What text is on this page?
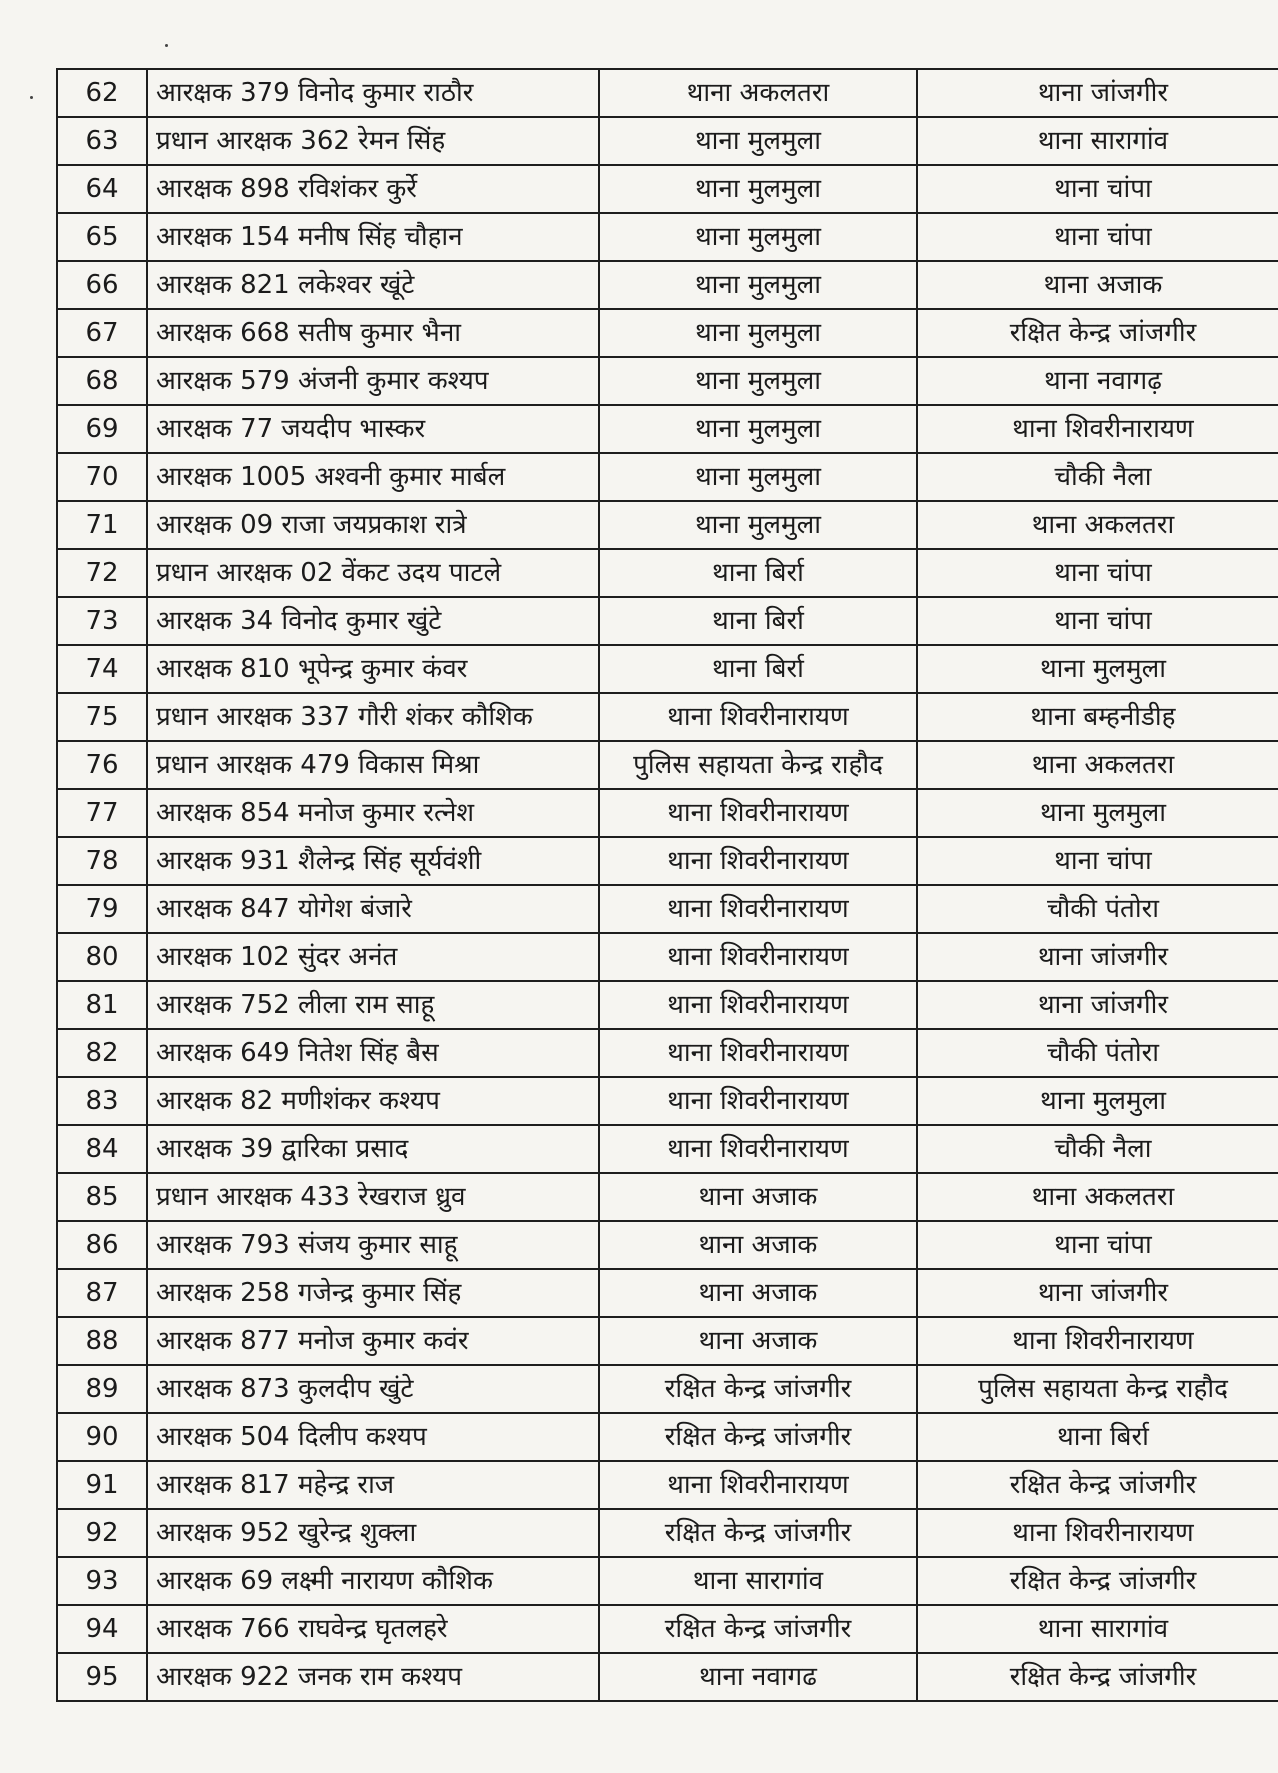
62	आरक्षक 379 विनोद कुमार राठौर	थाना अकलतरा	थाना जांजगीर
63	प्रधान आरक्षक 362 रेमन सिंह	थाना मुलमुला	थाना सारागांव
64	आरक्षक 898 रविशंकर कुर्रे	थाना मुलमुला	थाना चांपा
65	आरक्षक 154 मनीष सिंह चौहान	थाना मुलमुला	थाना चांपा
66	आरक्षक 821 लकेश्वर खूंटे	थाना मुलमुला	थाना अजाक
67	आरक्षक 668 सतीष कुमार भैना	थाना मुलमुला	रक्षित केन्द्र जांजगीर
68	आरक्षक 579 अंजनी कुमार कश्यप	थाना मुलमुला	थाना नवागढ़
69	आरक्षक 77 जयदीप भास्कर	थाना मुलमुला	थाना शिवरीनारायण
70	आरक्षक 1005 अश्वनी कुमार मार्बल	थाना मुलमुला	चौकी नैला
71	आरक्षक 09 राजा जयप्रकाश रात्रे	थाना मुलमुला	थाना अकलतरा
72	प्रधान आरक्षक 02 वेंकट उदय पाटले	थाना बिर्रा	थाना चांपा
73	आरक्षक 34 विनोद कुमार खुंटे	थाना बिर्रा	थाना चांपा
74	आरक्षक 810 भूपेन्द्र कुमार कंवर	थाना बिर्रा	थाना मुलमुला
75	प्रधान आरक्षक 337 गौरी शंकर कौशिक	थाना शिवरीनारायण	थाना बम्हनीडीह
76	प्रधान आरक्षक 479 विकास मिश्रा	पुलिस सहायता केन्द्र राहौद	थाना अकलतरा
77	आरक्षक 854 मनोज कुमार रत्नेश	थाना शिवरीनारायण	थाना मुलमुला
78	आरक्षक 931 शैलेन्द्र सिंह सूर्यवंशी	थाना शिवरीनारायण	थाना चांपा
79	आरक्षक 847 योगेश बंजारे	थाना शिवरीनारायण	चौकी पंतोरा
80	आरक्षक 102 सुंदर अनंत	थाना शिवरीनारायण	थाना जांजगीर
81	आरक्षक 752 लीला राम साहू	थाना शिवरीनारायण	थाना जांजगीर
82	आरक्षक 649 नितेश सिंह बैस	थाना शिवरीनारायण	चौकी पंतोरा
83	आरक्षक 82 मणीशंकर कश्यप	थाना शिवरीनारायण	थाना मुलमुला
84	आरक्षक 39 द्वारिका प्रसाद	थाना शिवरीनारायण	चौकी नैला
85	प्रधान आरक्षक 433 रेखराज ध्रुव	थाना अजाक	थाना अकलतरा
86	आरक्षक 793 संजय कुमार साहू	थाना अजाक	थाना चांपा
87	आरक्षक 258 गजेन्द्र कुमार सिंह	थाना अजाक	थाना जांजगीर
88	आरक्षक 877 मनोज कुमार कवंर	थाना अजाक	थाना शिवरीनारायण
89	आरक्षक 873 कुलदीप खुंटे	रक्षित केन्द्र जांजगीर	पुलिस सहायता केन्द्र राहौद
90	आरक्षक 504 दिलीप कश्यप	रक्षित केन्द्र जांजगीर	थाना बिर्रा
91	आरक्षक 817 महेन्द्र राज	थाना शिवरीनारायण	रक्षित केन्द्र जांजगीर
92	आरक्षक 952 खुरेन्द्र शुक्ला	रक्षित केन्द्र जांजगीर	थाना शिवरीनारायण
93	आरक्षक 69 लक्ष्मी नारायण कौशिक	थाना सारागांव	रक्षित केन्द्र जांजगीर
94	आरक्षक 766 राघवेन्द्र घृतलहरे	रक्षित केन्द्र जांजगीर	थाना सारागांव
95	आरक्षक 922 जनक राम कश्यप	थाना नवागढ	रक्षित केन्द्र जांजगीर
